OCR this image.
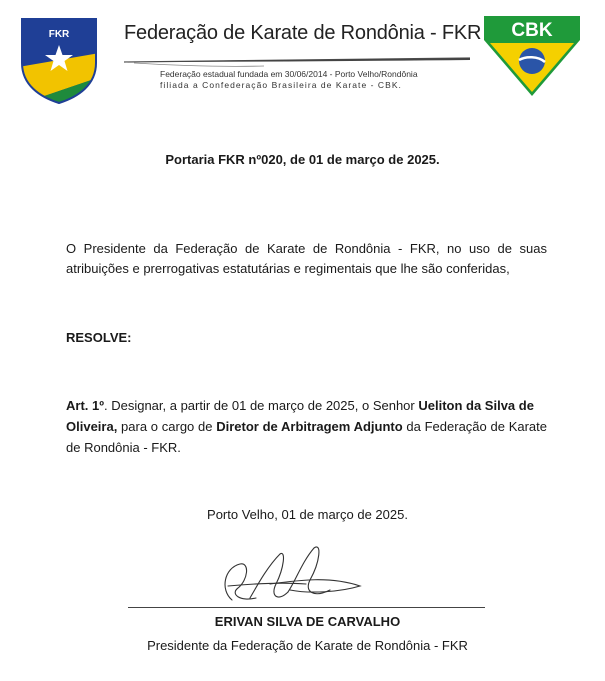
FKR	Federação de Karate de Rondônia - FKR
Federação estadual fundada em 30/06/2014 - Porto Velho/Rondônia
filiada a Confederação Brasileira de Karate - CBK.
CBK
Portaria FKR nº020, de 01 de março de 2025.
O Presidente da Federação de Karate de Rondônia - FKR, no uso de suas
atribuições e prerrogativas estatutárias e regimentais que lhe são conferidas,
RESOLVE:
Art. 1º. Designar, a partir de 01 de março de 2025, o Senhor Ueliton da Silva de
Oliveira, para o cargo de Diretor de Arbitragem Adjunto da Federação de Karate
de Rondônia - FKR.
Porto Velho, 01 de março de 2025.
ERIVAN SILVA DE CARVALHO
Presidente da Federação de Karate de Rondônia - FKR
